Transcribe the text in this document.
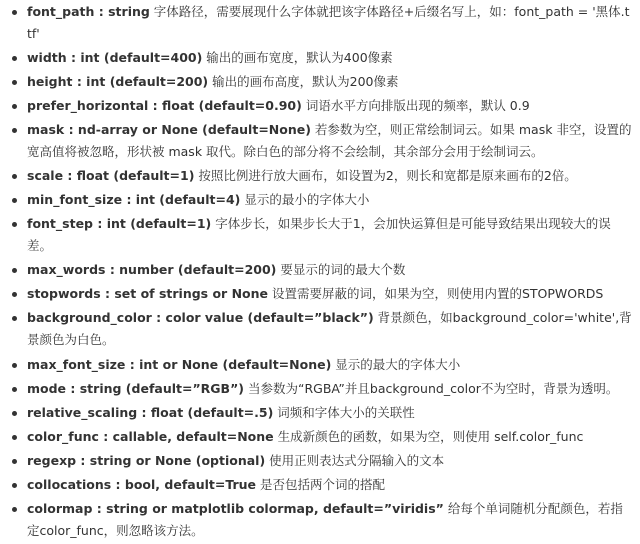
font_path : string 字体路径，需要展现什么字体就把该字体路径+后缀名写上，如：font_path = '黑体.ttf'
width : int (default=400) 输出的画布宽度，默认为400像素
height : int (default=200) 输出的画布高度，默认为200像素
prefer_horizontal : float (default=0.90) 词语水平方向排版出现的频率，默认 0.9
mask : nd-array or None (default=None) 若参数为空，则正常绘制词云。如果 mask 非空，设置的宽高值将被忽略，形状被 mask 取代。除白色的部分将不会绘制，其余部分会用于绘制词云。
scale : float (default=1) 按照比例进行放大画布，如设置为2，则长和宽都是原来画布的2倍。
min_font_size : int (default=4) 显示的最小的字体大小
font_step : int (default=1) 字体步长，如果步长大于1，会加快运算但是可能导致结果出现较大的误差。
max_words : number (default=200) 要显示的词的最大个数
stopwords : set of strings or None 设置需要屏蔽的词，如果为空，则使用内置的STOPWORDS
background_color : color value (default=”black”) 背景颜色，如background_color='white',背景颜色为白色。
max_font_size : int or None (default=None) 显示的最大的字体大小
mode : string (default=”RGB”) 当参数为“RGBA”并且background_color不为空时，背景为透明。
relative_scaling : float (default=.5) 词频和字体大小的关联性
color_func : callable, default=None 生成新颜色的函数，如果为空，则使用 self.color_func
regexp : string or None (optional) 使用正则表达式分隔输入的文本
collocations : bool, default=True 是否包括两个词的搭配
colormap : string or matplotlib colormap, default=”viridis” 给每个单词随机分配颜色，若指定color_func，则忽略该方法。
